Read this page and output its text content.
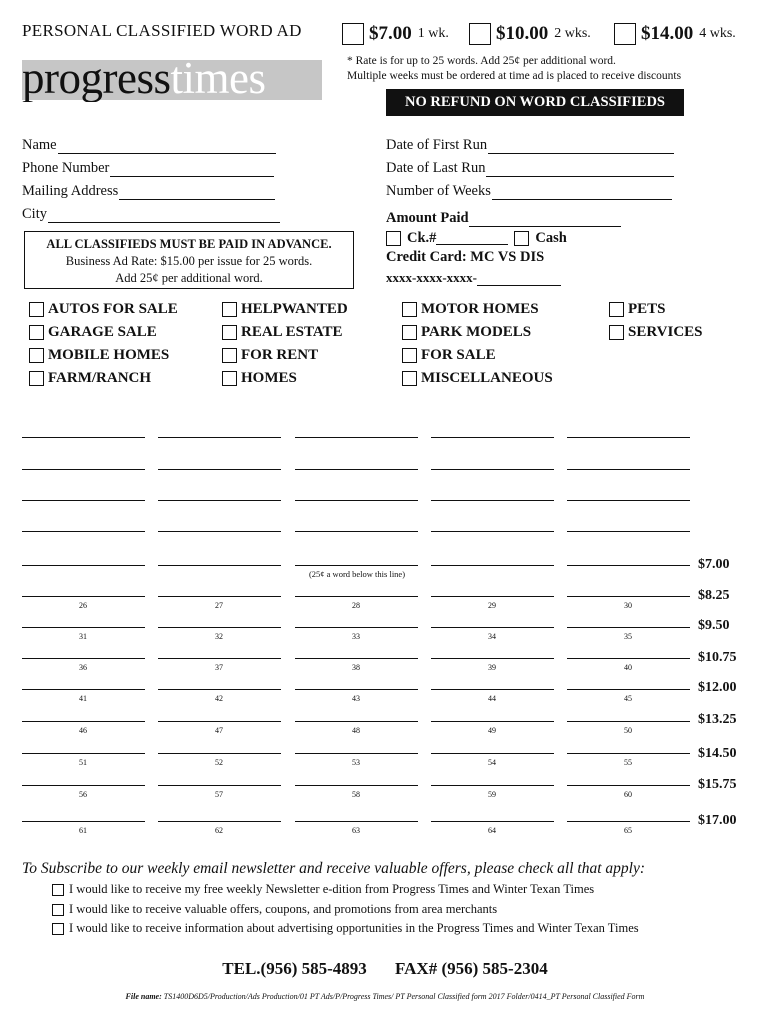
PERSONAL CLASSIFIED WORD AD	$7.00 1 wk. $10.00 2 wks.	$14.00 4 wks.
progresstimes	* Rate is for up to 25 words. Add 25¢ per additional word.
Multiple weeks must be ordered at time ad is placed to receive discounts
NO REFUND ON WORD CLASSIFIEDS
Name
Phone Number
Mailing Address
City
Date of First Run
Date of Last Run
Number of Weeks
ALL CLASSIFIEDS MUST BE PAID IN ADVANCE.
Business Ad Rate: $15.00 per issue for 25 words.
Add 25¢ per additional word.
Amount Paid
Ck.#	Cash
Credit Card: MC VS DIS
xxxx-xxxx-xxxx-
AUTOS FOR SALE
GARAGE SALE
MOBILE HOMES
FARM/RANCH
HELPWANTED
REAL ESTATE
FOR RENT
HOMES
MOTOR HOMES
PARK MODELS
FOR SALE
MISCELLANEOUS
PETS
SERVICES
26	27	28	29	30
31	32	33	34	35
36	37	38	39	40
41	42	43	44	45
46	47	48	49	50
51	52	53	54	55
56	57	58	59	60
61	62	63	64	65
$7.00
$8.25
$9.50
$10.75
$12.00
$13.25
$14.50
$15.75
$17.00
(25¢ a word below this line)
To Subscribe to our weekly email newsletter and receive valuable offers, please check all that apply:
I would like to receive my free weekly Newsletter e-dition from Progress Times and Winter Texan Times
I would like to receive valuable offers, coupons, and promotions from area merchants
I would like to receive information about advertising opportunities in the Progress Times and Winter Texan Times
TEL.(956) 585-4893 FAX# (956) 585-2304
File name: TS1400D6D5/Production/Ads Production/01 PT Ads/P/Progress Times/ PT Personal Classified form 2017 Folder/0414_PT Personal Classified Form
